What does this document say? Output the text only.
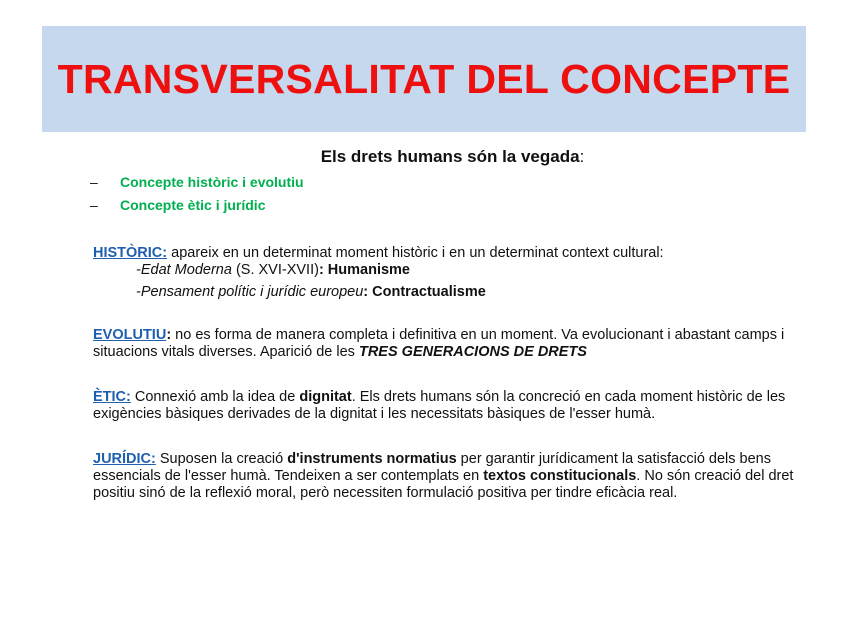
TRANSVERSALITAT DEL CONCEPTE

Els drets humans són la vegada:

– Concepte històric i evolutiu
– Concepte ètic i jurídic

HISTÒRIC: apareix en un determinat moment històric i en un determinat context cultural:

-Edat Moderna (S. XVI-XVII): Humanisme

-Pensament polític i jurídic europeu: Contractualisme

EVOLUTIU: no es forma de manera completa i definitiva en un moment. Va evolucionant i abastant camps i situacions vitals diverses. Aparició de les TRES GENERACIONS DE DRETS

ÈTIC: Connexió amb la idea de dignitat. Els drets humans són la concreció en cada moment històric de les exigències bàsiques derivades de la dignitat i les necessitats bàsiques de l'esser humà.

JURÍDIC: Suposen la creació d'instruments normatius per garantir jurídicament la satisfacció dels bens essencials de l'esser humà. Tendeixen a ser contemplats en textos constitucionals. No són creació del dret positiu sinó de la reflexió moral, però necessiten formulació positiva per tindre eficàcia real.
